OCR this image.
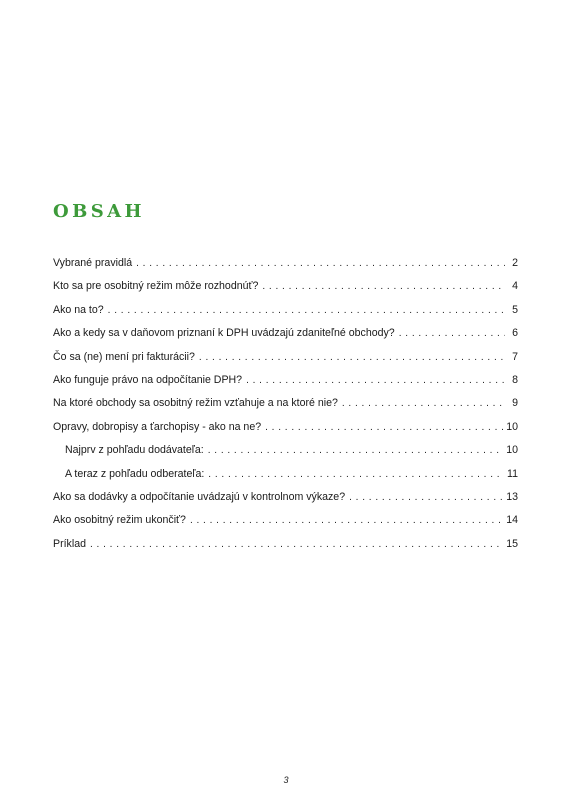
OBSAH
Vybrané pravidlá . . .	2
Kto sa pre osobitný režim môže rozhodnúť? . . .	4
Ako na to? . . .	5
Ako a kedy sa v daňovom priznaní k DPH uvádzajú zdaniteľné obchody? . . .	6
Čo sa (ne) mení pri fakturácii? . . .	7
Ako funguje právo na odpočítanie DPH? . . .	8
Na ktoré obchody sa osobitný režim vzťahuje a na ktoré nie? . . .	9
Opravy, dobropisy a ťarchopisy - ako na ne? . . .	10
Najprv z pohľadu dodávateľa: . . .	10
A teraz z pohľadu odberateľa: . . .	11
Ako sa dodávky a odpočítanie uvádzajú v kontrolnom výkaze? . . .	13
Ako osobitný režim ukončiť? . . .	14
Príklad . . .	15
3
